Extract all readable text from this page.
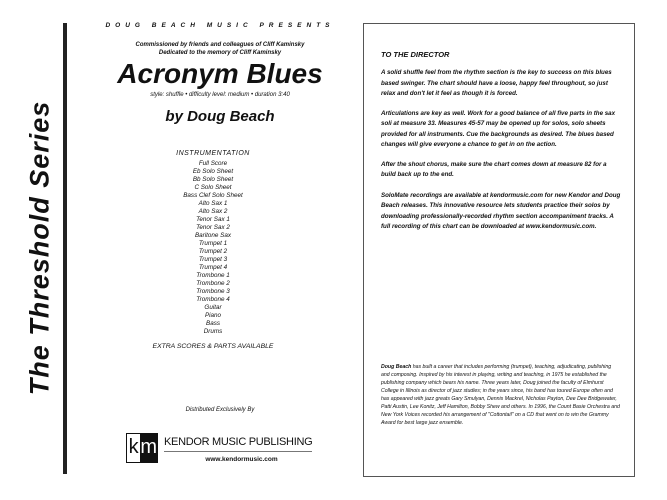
The Threshold Series
DOUG BEACH MUSIC PRESENTS
Commissioned by friends and colleagues of Cliff Kaminsky
Dedicated to the memory of Cliff Kaminsky
Acronym Blues
style: shuffle • difficulty level: medium • duration 3:40
by Doug Beach
INSTRUMENTATION
Full Score
Eb Solo Sheet
Bb Solo Sheet
C Solo Sheet
Bass Clef Solo Sheet
Alto Sax 1
Alto Sax 2
Tenor Sax 1
Tenor Sax 2
Baritone Sax
Trumpet 1
Trumpet 2
Trumpet 3
Trumpet 4
Trombone 1
Trombone 2
Trombone 3
Trombone 4
Guitar
Piano
Bass
Drums
EXTRA SCORES & PARTS AVAILABLE
Distributed Exclusively By
k m KENDOR MUSIC PUBLISHING
www.kendormusic.com
TO THE DIRECTOR

A solid shuffle feel from the rhythm section is the key to success on this blues based swinger. The chart should have a loose, happy feel throughout, so just relax and don't let it feel as though it is forced.

Articulations are key as well. Work for a good balance of all five parts in the sax soli at measure 33. Measures 45-57 may be opened up for solos, solo sheets provided for all instruments. Cue the backgrounds as desired. The blues based changes will give everyone a chance to get in on the action.

After the shout chorus, make sure the chart comes down at measure 82 for a build back up to the end.

SoloMate recordings are available at kendormusic.com for new Kendor and Doug Beach releases. This innovative resource lets students practice their solos by downloading professionally-recorded rhythm section accompaniment tracks. A full recording of this chart can be downloaded at www.kendormusic.com.

Doug Beach has built a career that includes performing (trumpet), teaching, adjudicating, publishing and composing. Inspired by his interest in playing, writing and teaching, in 1975 he established the publishing company which bears his name. Three years later, Doug joined the faculty of Elmhurst College in Illinois as director of jazz studies; in the years since, his band has toured Europe often and has appeared with jazz greats Gary Smulyan, Dennis Mackrel, Nicholas Payton, Dee Dee Bridgewater, Patti Austin, Lee Konitz, Jeff Hamilton, Bobby Shew and others. In 1996, the Count Basie Orchestra and New York Voices recorded his arrangement of "Cottontail" on a CD that went on to win the Grammy Award for best large jazz ensemble.
